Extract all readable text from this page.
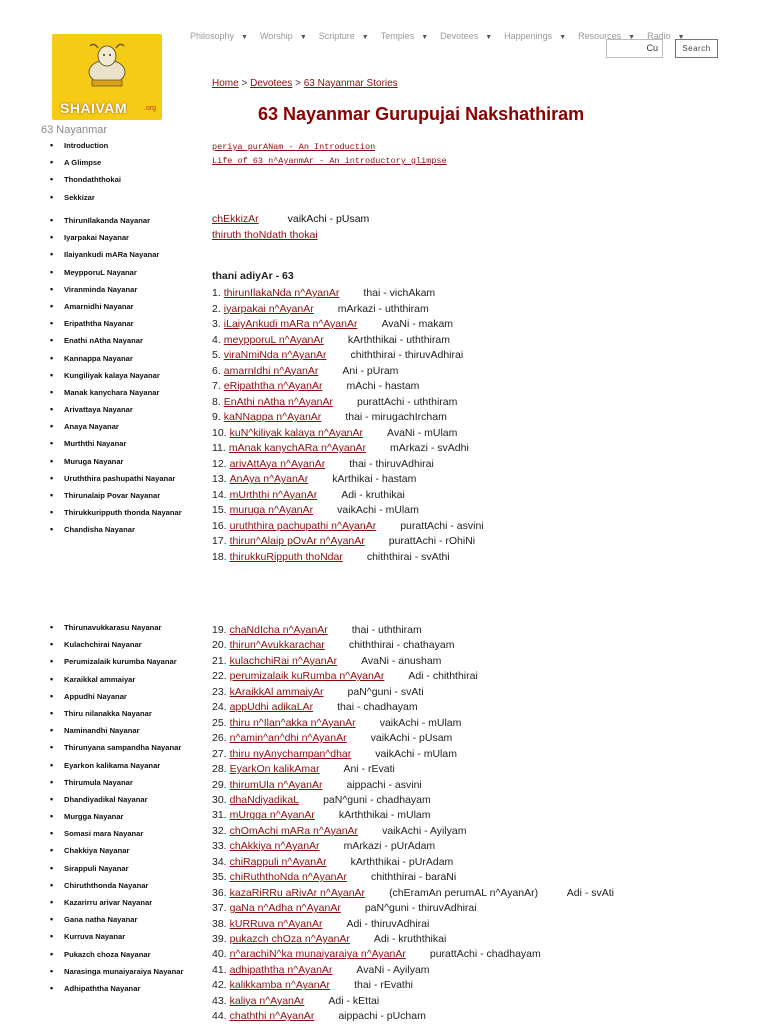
Philosophy ▼ Worship ▼ Scripture ▼ Temples ▼ Devotees ▼ Happenings ▼ Resources ▼ Radio ▼
Cu	Search
SHAIVAM .org
63 Nayanmar
• Introduction
• A Glimpse
• Thondaththokai
• Sekkizar
• ThirunIlakanda Nayanar
• Iyarpakai Nayanar
• Ilaiyankudi mARa Nayanar
• MeypporuL Nayanar
• Viranminda Nayanar
• Amarnidhi Nayanar
• Eripaththa Nayanar
• Enathi nAtha Nayanar
• Kannappa Nayanar
• Kungiliyak kalaya Nayanar
• Manak kanychara Nayanar
• Arivattaya Nayanar
• Anaya Nayanar
• Murththi Nayanar
• Muruga Nayanar
• Uruththira pashupathi Nayanar
• Thirunalaip Povar Nayanar
• Thirukkuripputh thonda Nayanar
• Chandisha Nayanar
• Thirunavukkarasu Nayanar
• Kulachchirai Nayanar
• Perumizalaik kurumba Nayanar
• Karaikkal ammaiyar
• Appudhi Nayanar
• Thiru nilanakka Nayanar
• Naminandhi Nayanar
• Thirunyana sampandha Nayanar
• Eyarkon kalikama Nayanar
• Thirumula Nayanar
• Dhandiyadikal Nayanar
• Murgga Nayanar
• Somasi mara Nayanar
• Chakkiya Nayanar
• Sirappuli Nayanar
• Chiruththonda Nayanar
• Kazarirru arivar Nayanar
• Gana natha Nayanar
• Kurruva Nayanar
• Pukazch choza Nayanar
• Narasinga munaiyaraiya Nayanar
• Adhipaththa Nayanar
Home > Devotees > 63 Nayanmar Stories
63 Nayanmar Gurupujai Nakshathiram
periya purANam - An Introduction
Life of 63 n^AyanmAr - An introductory glimpse
chEkkizAr	vaikAchi - pUsam
thiruth thoNdath thokai
thani adiyAr - 63
1. thirunIlakaNda n^AyanAr thai - vichAkam
2. iyarpakai n^AyanAr mArkazi - uththiram
3. iLaiyAnkudi mARa n^AyanAr AvaNi - makam
4. meypporuL n^AyanAr kArththikai - uththiram
5. viraNmiNda n^AyanAr chiththirai - thiruvAdhirai
6. amarnIdhi n^AyanAr Ani - pUram
7. eRipaththa n^AyanAr mAchi - hastam
8. EnAthi nAtha n^AyanAr purattAchi - uththiram
9. kaNNappa n^AyanAr thai - mirugachIrcham
10. kuN^kiliyak kalaya n^AyanAr AvaNi - mUlam
11. mAnak kanychARa n^AyanAr mArkazi - svAdhi
12. arivAttAya n^AyanAr thai - thiruvAdhirai
13. AnAya n^AyanAr kArthikai - hastam
14. mUrththi n^AyanAr Adi - kruthikai
15. muruga n^AyanAr vaikAchi - mUlam
16. uruththira pachupathi n^AyanAr purattAchi - asvini
17. thirun^Alaip pOvAr n^AyanAr purattAchi - rOhiNi
18. thirukkuRipputh thoNdar chiththirai - svAthi
19. chaNdIcha n^AyanAr thai - uththiram
20. thirun^Avukkarachar chiththirai - chathayam
21. kulachchiRai n^AyanAr AvaNi - anusham
22. perumizalaik kuRumba n^AyanAr Adi - chiththirai
23. kAraikkAl ammaiyAr paN^guni - svAti
24. appUdhi adikaLAr thai - chadhayam
25. thiru n^Ilan^akka n^AyanAr vaikAchi - mUlam
26. n^amin^an^dhi n^AyanAr vaikAchi - pUsam
27. thiru nyAnychampan^dhar vaikAchi - mUlam
28. EyarkOn kalikAmar Ani - rEvati
29. thirumUla n^AyanAr aippachi - asvini
30. dhaNdiyadikaL paN^guni - chadhayam
31. mUrgga n^AyanAr kArththikai - mUlam
32. chOmAchi mARa n^AyanAr vaikAchi - Ayilyam
33. chAkkiya n^AyanAr mArkazi - pUrAdam
34. chiRappuli n^AyanAr kArththikai - pUrAdam
35. chiRuththoNda n^AyanAr chiththirai - baraNi
36. kazaRiRRu aRivAr n^AyanAr (chEramAn perumAL n^AyanAr)          Adi - svAti
37. gaNa n^Adha n^AyanAr paN^guni - thiruvAdhirai
38. kURRuva n^AyanAr Adi - thiruvAdhirai
39. pukazch chOza n^AyanAr Adi - kruththikai
40. n^arachiN^ka munaiyaraiya n^AyanAr purattAchi - chadhayam
41. adhipaththa n^AyanAr AvaNi - Ayilyam
42. kalikkamba n^AyanAr thai - rEvathi
43. kaliya n^AyanAr Adi - kEttai
44. chaththi n^AyanAr aippachi - pUcham
